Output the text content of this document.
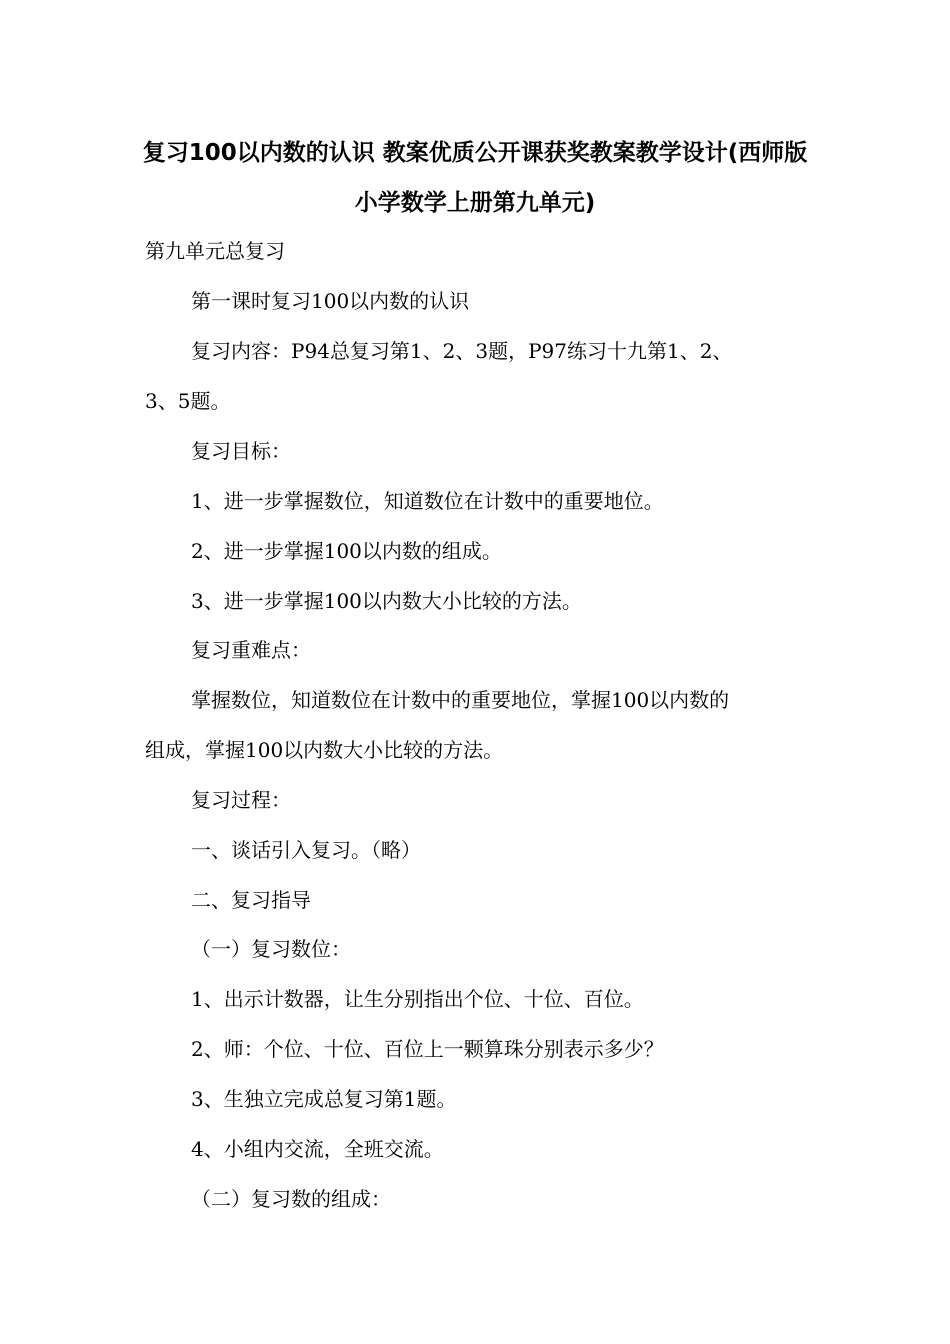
复习100以内数的认识 教案优质公开课获奖教案教学设计(西师版
小学数学上册第九单元)
第九单元总复习
第一课时复习100以内数的认识
复习内容：P94总复习第1、2、3题，P97练习十九第1、2、
3、5题。
复习目标：
1、进一步掌握数位，知道数位在计数中的重要地位。
2、进一步掌握100以内数的组成。
3、进一步掌握100以内数大小比较的方法。
复习重难点：
掌握数位，知道数位在计数中的重要地位，掌握100以内数的
组成，掌握100以内数大小比较的方法。
复习过程：
一、谈话引入复习。（略）
二、复习指导
（一）复习数位：
1、出示计数器，让生分别指出个位、十位、百位。
2、师：个位、十位、百位上一颗算珠分别表示多少？
3、生独立完成总复习第1题。
4、小组内交流，全班交流。
（二）复习数的组成：
